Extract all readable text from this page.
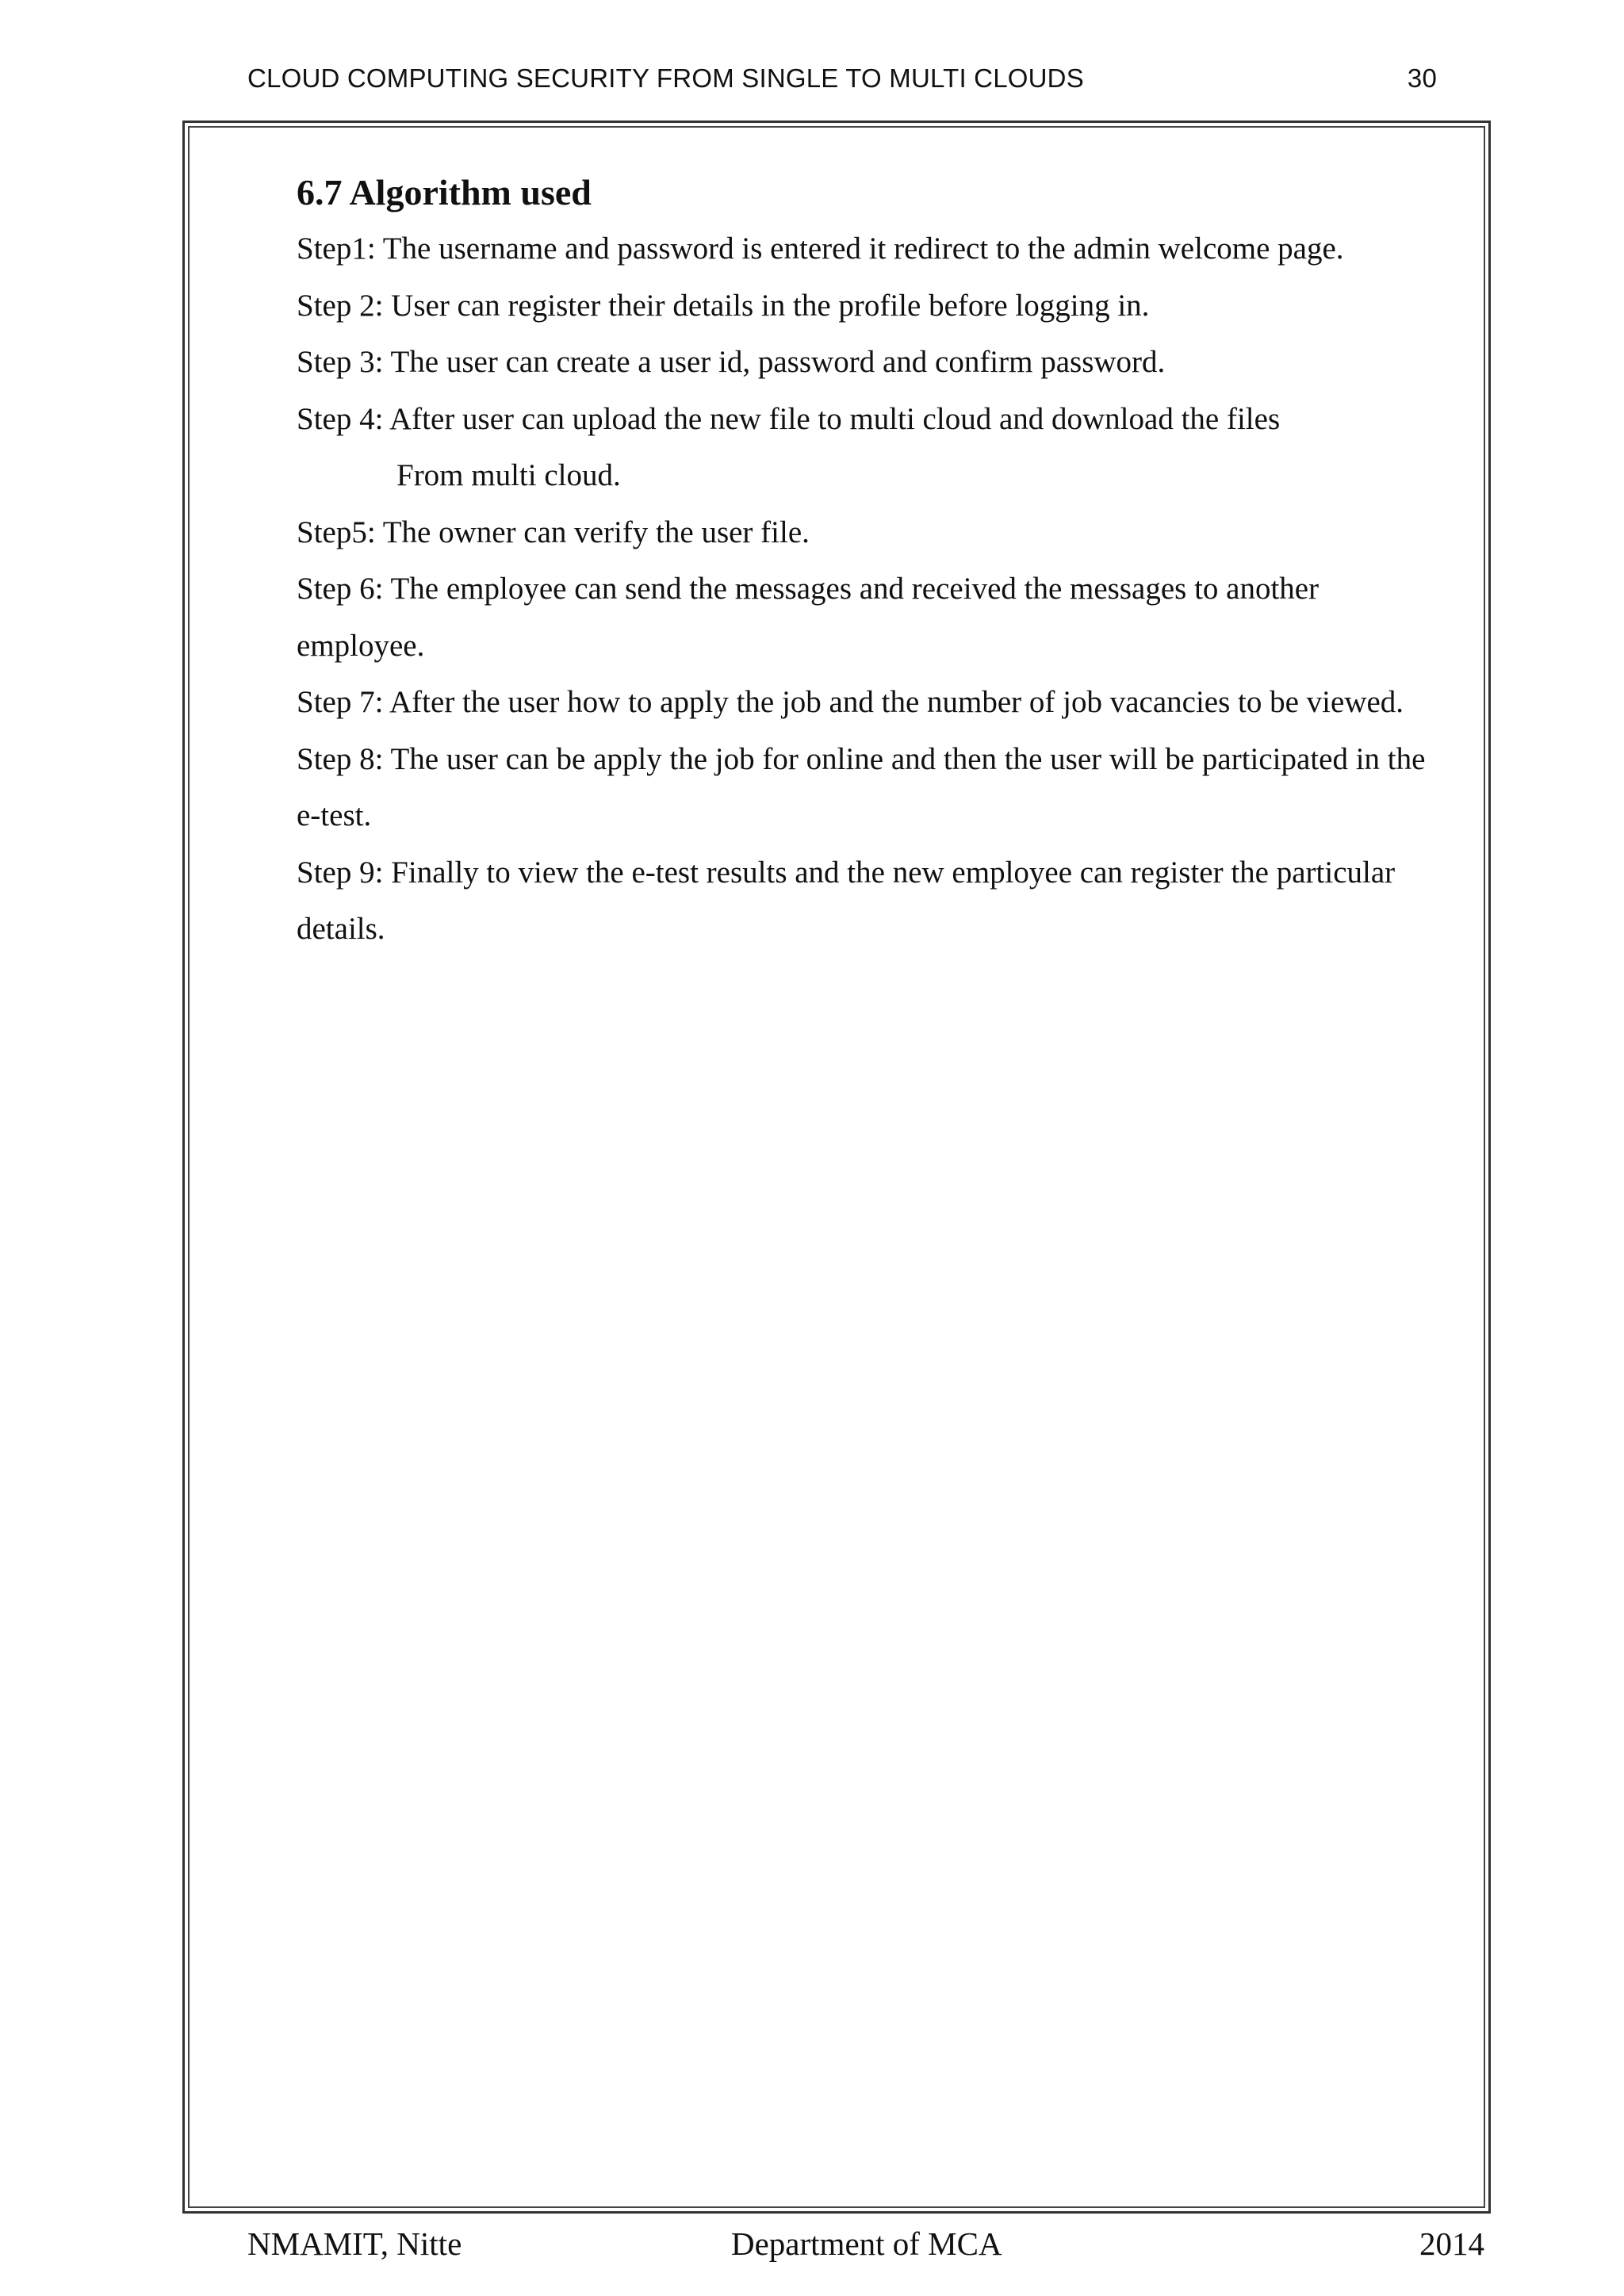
CLOUD COMPUTING SECURITY FROM SINGLE TO MULTI CLOUDS	30
6.7 Algorithm used

Step1: The username and password is entered it redirect to the admin welcome page.

Step 2: User can register their details in the profile before logging in.

Step 3: The user can create a user id, password and confirm password.

Step 4: After user can upload the new file to multi cloud and download the files
From multi cloud.

Step5: The owner can verify the user file.

Step 6: The employee can send the messages and received the messages to another employee.

Step 7: After the user how to apply the job and the number of job vacancies to be viewed.

Step 8: The user can be apply the job for online and then the user will be participated in the e-test.

Step 9: Finally to view the e-test results and the new employee can register the particular details.

NMAMIT, Nitte	Department of MCA	2014
